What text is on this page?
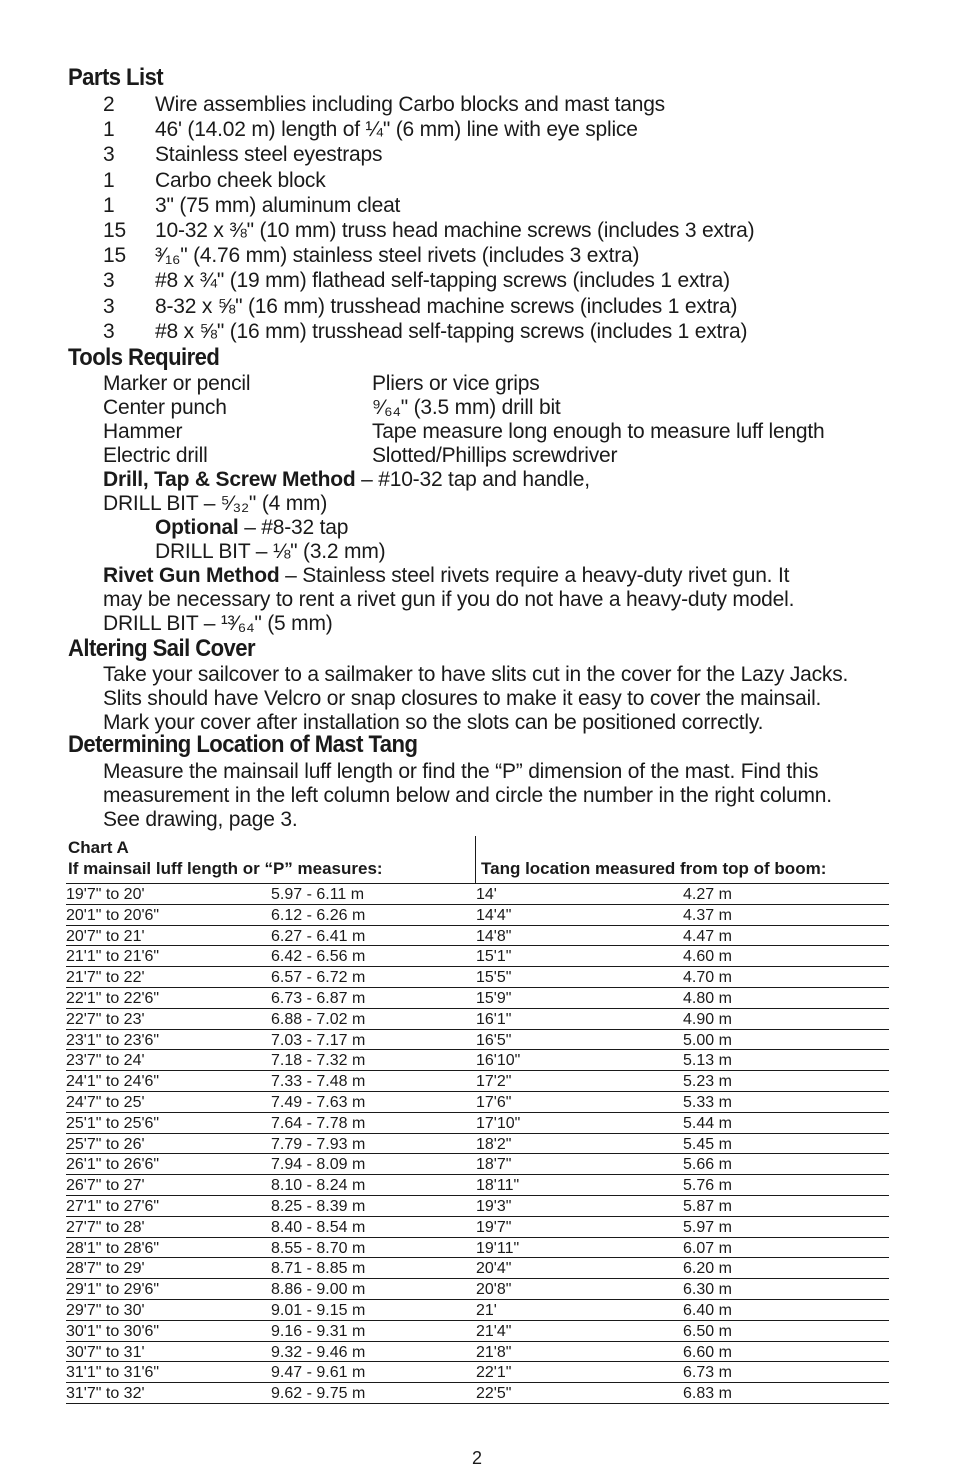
Parts List
2	Wire assemblies including Carbo blocks and mast tangs
1	46' (14.02 m) length of ¼" (6 mm) line with eye splice
3	Stainless steel eyestraps
1	Carbo cheek block
1	3" (75 mm) aluminum cleat
15	10-32 x ⅜" (10 mm) truss head machine screws (includes 3 extra)
15	³⁄₁₆" (4.76 mm) stainless steel rivets (includes 3 extra)
3	#8 x ¾" (19 mm) flathead self-tapping screws (includes 1 extra)
3	8-32 x ⅝" (16 mm) trusshead machine screws (includes 1 extra)
3	#8 x ⅝" (16 mm) trusshead self-tapping screws (includes 1 extra)
Tools Required
Marker or pencil	Pliers or vice grips
Center punch	⁹⁄₆₄" (3.5 mm) drill bit
Hammer	Tape measure long enough to measure luff length
Electric drill	Slotted/Phillips screwdriver
Drill, Tap & Screw Method – #10-32 tap and handle,
DRILL BIT – ⁵⁄₃₂" (4 mm)
Optional – #8-32 tap
DRILL BIT – ⅛" (3.2 mm)
Rivet Gun Method – Stainless steel rivets require a heavy-duty rivet gun. It
may be necessary to rent a rivet gun if you do not have a heavy-duty model.
DRILL BIT – ¹³⁄₆₄" (5 mm)
Altering Sail Cover
Take your sailcover to a sailmaker to have slits cut in the cover for the Lazy Jacks.
Slits should have Velcro or snap closures to make it easy to cover the mainsail.
Mark your cover after installation so the slots can be positioned correctly.
Determining Location of Mast Tang
Measure the mainsail luff length or find the “P” dimension of the mast. Find this
measurement in the left column below and circle the number in the right column.
See drawing, page 3.
Chart A
If mainsail luff length or “P” measures:	Tang location measured from top of boom:
19'7" to 20'	5.97 - 6.11 m	14'	4.27 m
20'1" to 20'6"	6.12 - 6.26 m	14'4"	4.37 m
20'7" to 21'	6.27 - 6.41 m	14'8"	4.47 m
21'1" to 21'6"	6.42 - 6.56 m	15'1"	4.60 m
21'7" to 22'	6.57 - 6.72 m	15'5"	4.70 m
22'1" to 22'6"	6.73 - 6.87 m	15'9"	4.80 m
22'7" to 23'	6.88 - 7.02 m	16'1"	4.90 m
23'1" to 23'6"	7.03 - 7.17 m	16'5"	5.00 m
23'7" to 24'	7.18 - 7.32 m	16'10"	5.13 m
24'1" to 24'6"	7.33 - 7.48 m	17'2"	5.23 m
24'7" to 25'	7.49 - 7.63 m	17'6"	5.33 m
25'1" to 25'6"	7.64 - 7.78 m	17'10"	5.44 m
25'7" to 26'	7.79 - 7.93 m	18'2"	5.45 m
26'1" to 26'6"	7.94 - 8.09 m	18'7"	5.66 m
26'7" to 27'	8.10 - 8.24 m	18'11"	5.76 m
27'1" to 27'6"	8.25 - 8.39 m	19'3"	5.87 m
27'7" to 28'	8.40 - 8.54 m	19'7"	5.97 m
28'1" to 28'6"	8.55 - 8.70 m	19'11"	6.07 m
28'7" to 29'	8.71 - 8.85 m	20'4"	6.20 m
29'1" to 29'6"	8.86 - 9.00 m	20'8"	6.30 m
29'7" to 30'	9.01 - 9.15 m	21'	6.40 m
30'1" to 30'6"	9.16 - 9.31 m	21'4"	6.50 m
30'7" to 31'	9.32 - 9.46 m	21'8"	6.60 m
31'1" to 31'6"	9.47 - 9.61 m	22'1"	6.73 m
31'7" to 32'	9.62 - 9.75 m	22'5"	6.83 m
2
